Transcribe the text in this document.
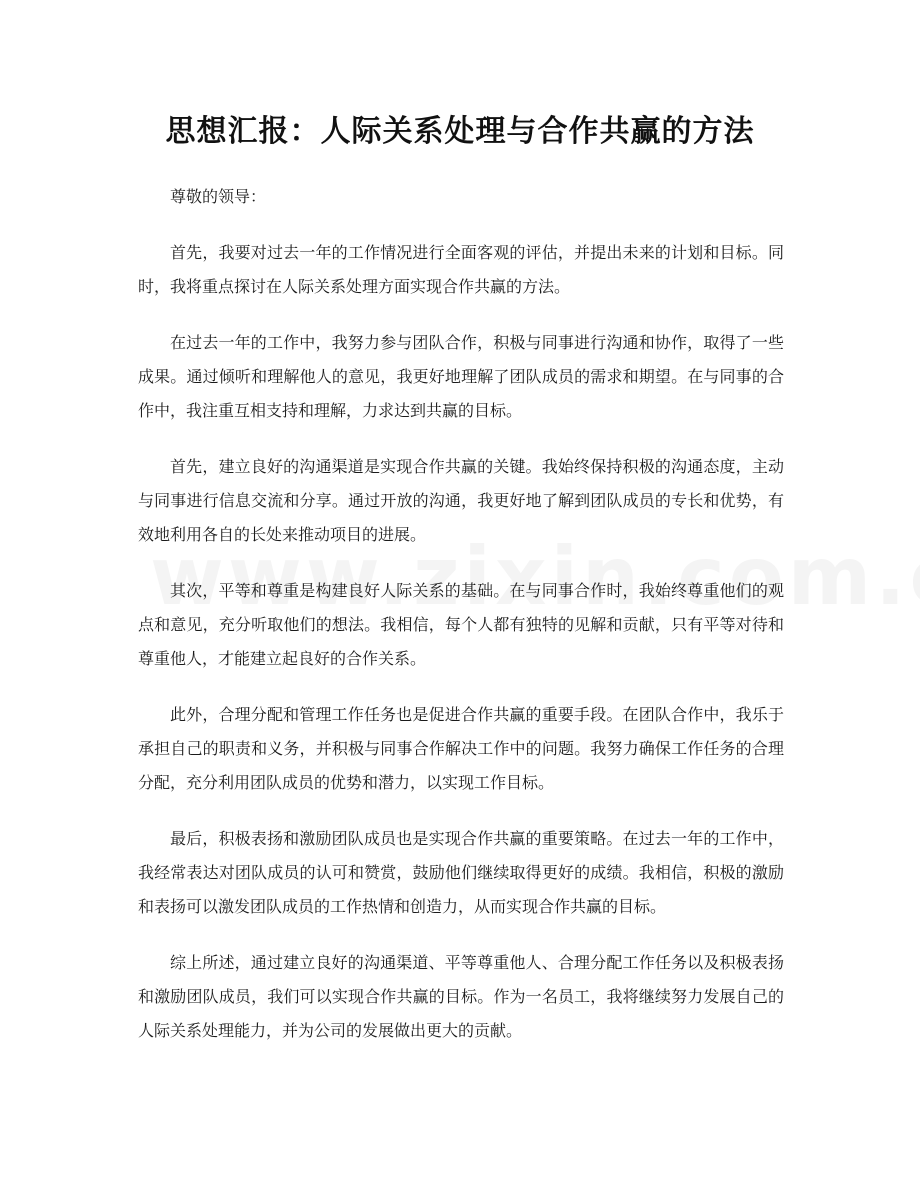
思想汇报：人际关系处理与合作共赢的方法

尊敬的领导：

首先，我要对过去一年的工作情况进行全面客观的评估，并提出未来的计划和目标。同时，我将重点探讨在人际关系处理方面实现合作共赢的方法。

在过去一年的工作中，我努力参与团队合作，积极与同事进行沟通和协作，取得了一些成果。通过倾听和理解他人的意见，我更好地理解了团队成员的需求和期望。在与同事的合作中，我注重互相支持和理解，力求达到共赢的目标。

首先，建立良好的沟通渠道是实现合作共赢的关键。我始终保持积极的沟通态度，主动与同事进行信息交流和分享。通过开放的沟通，我更好地了解到团队成员的专长和优势，有效地利用各自的长处来推动项目的进展。

其次，平等和尊重是构建良好人际关系的基础。在与同事合作时，我始终尊重他们的观点和意见，充分听取他们的想法。我相信，每个人都有独特的见解和贡献，只有平等对待和尊重他人，才能建立起良好的合作关系。

此外，合理分配和管理工作任务也是促进合作共赢的重要手段。在团队合作中，我乐于承担自己的职责和义务，并积极与同事合作解决工作中的问题。我努力确保工作任务的合理分配，充分利用团队成员的优势和潜力，以实现工作目标。

最后，积极表扬和激励团队成员也是实现合作共赢的重要策略。在过去一年的工作中，我经常表达对团队成员的认可和赞赏，鼓励他们继续取得更好的成绩。我相信，积极的激励和表扬可以激发团队成员的工作热情和创造力，从而实现合作共赢的目标。

综上所述，通过建立良好的沟通渠道、平等尊重他人、合理分配工作任务以及积极表扬和激励团队成员，我们可以实现合作共赢的目标。作为一名员工，我将继续努力发展自己的人际关系处理能力，并为公司的发展做出更大的贡献。
